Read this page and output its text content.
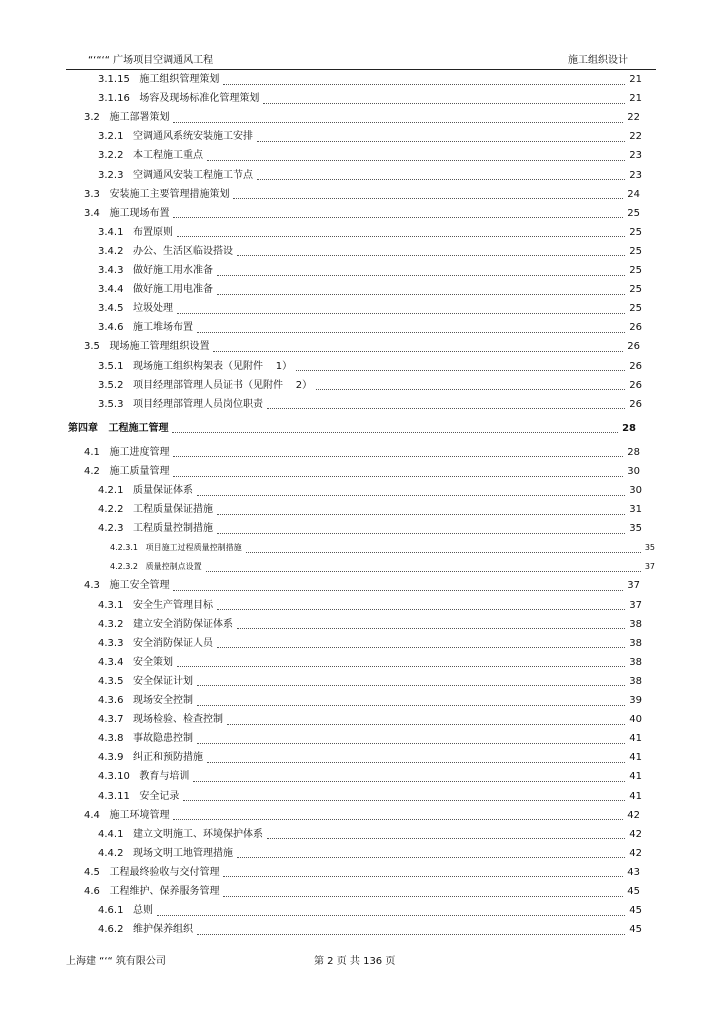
“‘“‘“ 广场项目空调通风工程	施工组织设计
3.1.15 施工组织管理策划	21
3.1.16 场容及现场标准化管理策划	21
3.2 施工部署策划	22
3.2.1 空调通风系统安装施工安排	22
3.2.2 本工程施工重点	23
3.2.3 空调通风安装工程施工节点	23
3.3 安装施工主要管理措施策划	24
3.4 施工现场布置	25
3.4.1 布置原则	25
3.4.2 办公、生活区临设搭设	25
3.4.3 做好施工用水准备	25
3.4.4 做好施工用电准备	25
3.4.5 垃圾处理	25
3.4.6 施工堆场布置	26
3.5 现场施工管理组织设置	26
3.5.1 现场施工组织构架表（见附件    1）	26
3.5.2 项目经理部管理人员证书（见附件    2）	26
3.5.3 项目经理部管理人员岗位职责	26
第四章 工程施工管理	28
4.1 施工进度管理	28
4.2 施工质量管理	30
4.2.1 质量保证体系	30
4.2.2 工程质量保证措施	31
4.2.3 工程质量控制措施	35
4.2.3.1 项目施工过程质量控制措施	35
4.2.3.2 质量控制点设置	37
4.3 施工安全管理	37
4.3.1 安全生产管理目标	37
4.3.2 建立安全消防保证体系	38
4.3.3 安全消防保证人员	38
4.3.4 安全策划	38
4.3.5 安全保证计划	38
4.3.6 现场安全控制	39
4.3.7 现场检验、检查控制	40
4.3.8 事故隐患控制	41
4.3.9 纠正和预防措施	41
4.3.10 教育与培训	41
4.3.11 安全记录	41
4.4 施工环境管理	42
4.4.1 建立文明施工、环境保护体系	42
4.4.2 现场文明工地管理措施	42
4.5 工程最终验收与交付管理	43
4.6 工程维护、保养服务管理	45
4.6.1 总则	45
4.6.2 维护保养组织	45
上海建 “‘“ 筑有限公司	第 2 页 共 136 页
